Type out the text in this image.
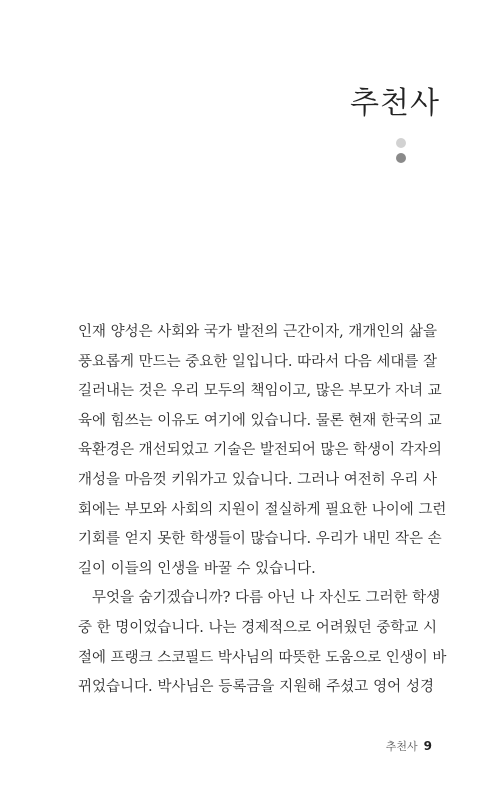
추천사
인재 양성은 사회와 국가 발전의 근간이자, 개개인의 삶을
풍요롭게 만드는 중요한 일입니다. 따라서 다음 세대를 잘
길러내는 것은 우리 모두의 책임이고, 많은 부모가 자녀 교
육에 힘쓰는 이유도 여기에 있습니다. 물론 현재 한국의 교
육환경은 개선되었고 기술은 발전되어 많은 학생이 각자의
개성을 마음껏 키워가고 있습니다. 그러나 여전히 우리 사
회에는 부모와 사회의 지원이 절실하게 필요한 나이에 그런
기회를 얻지 못한 학생들이 많습니다. 우리가 내민 작은 손
길이 이들의 인생을 바꿀 수 있습니다.
무엇을 숨기겠습니까? 다름 아닌 나 자신도 그러한 학생
중 한 명이었습니다. 나는 경제적으로 어려웠던 중학교 시
절에 프랭크 스코필드 박사님의 따뜻한 도움으로 인생이 바
뀌었습니다. 박사님은 등록금을 지원해 주셨고 영어 성경
추천사 9
